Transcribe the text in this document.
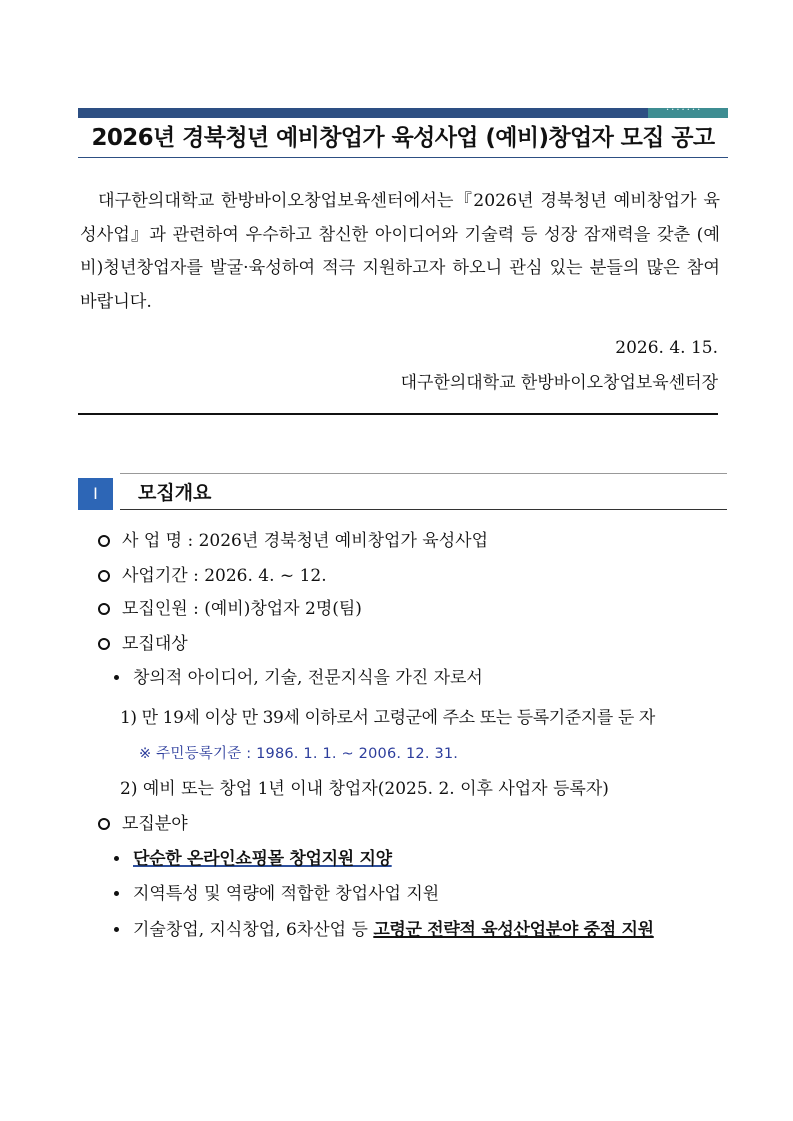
·······
2026년 경북청년 예비창업가 육성사업 (예비)창업자 모집 공고

대구한의대학교 한방바이오창업보육센터에서는『2026년 경북청년 예비창업가 육성사업』과 관련하여 우수하고 참신한 아이디어와 기술력 등 성장 잠재력을 갖춘 (예비)청년창업자를 발굴·육성하여 적극 지원하고자 하오니 관심 있는 분들의 많은 참여 바랍니다.

2026. 4. 15.
대구한의대학교 한방바이오창업보육센터장
Ⅰ	모집개요
사 업 명 : 2026년 경북청년 예비창업가 육성사업
사업기간 : 2026. 4. ~ 12.
모집인원 : (예비)창업자 2명(팀)
모집대상
창의적 아이디어, 기술, 전문지식을 가진 자로서
1) 만 19세 이상 만 39세 이하로서 고령군에 주소 또는 등록기준지를 둔 자
※ 주민등록기준 : 1986. 1. 1. ~ 2006. 12. 31.
2) 예비 또는 창업 1년 이내 창업자(2025. 2. 이후 사업자 등록자)
모집분야
단순한 온라인쇼핑몰 창업지원 지양
지역특성 및 역량에 적합한 창업사업 지원
기술창업, 지식창업, 6차산업 등 고령군 전략적 육성산업분야 중점 지원
